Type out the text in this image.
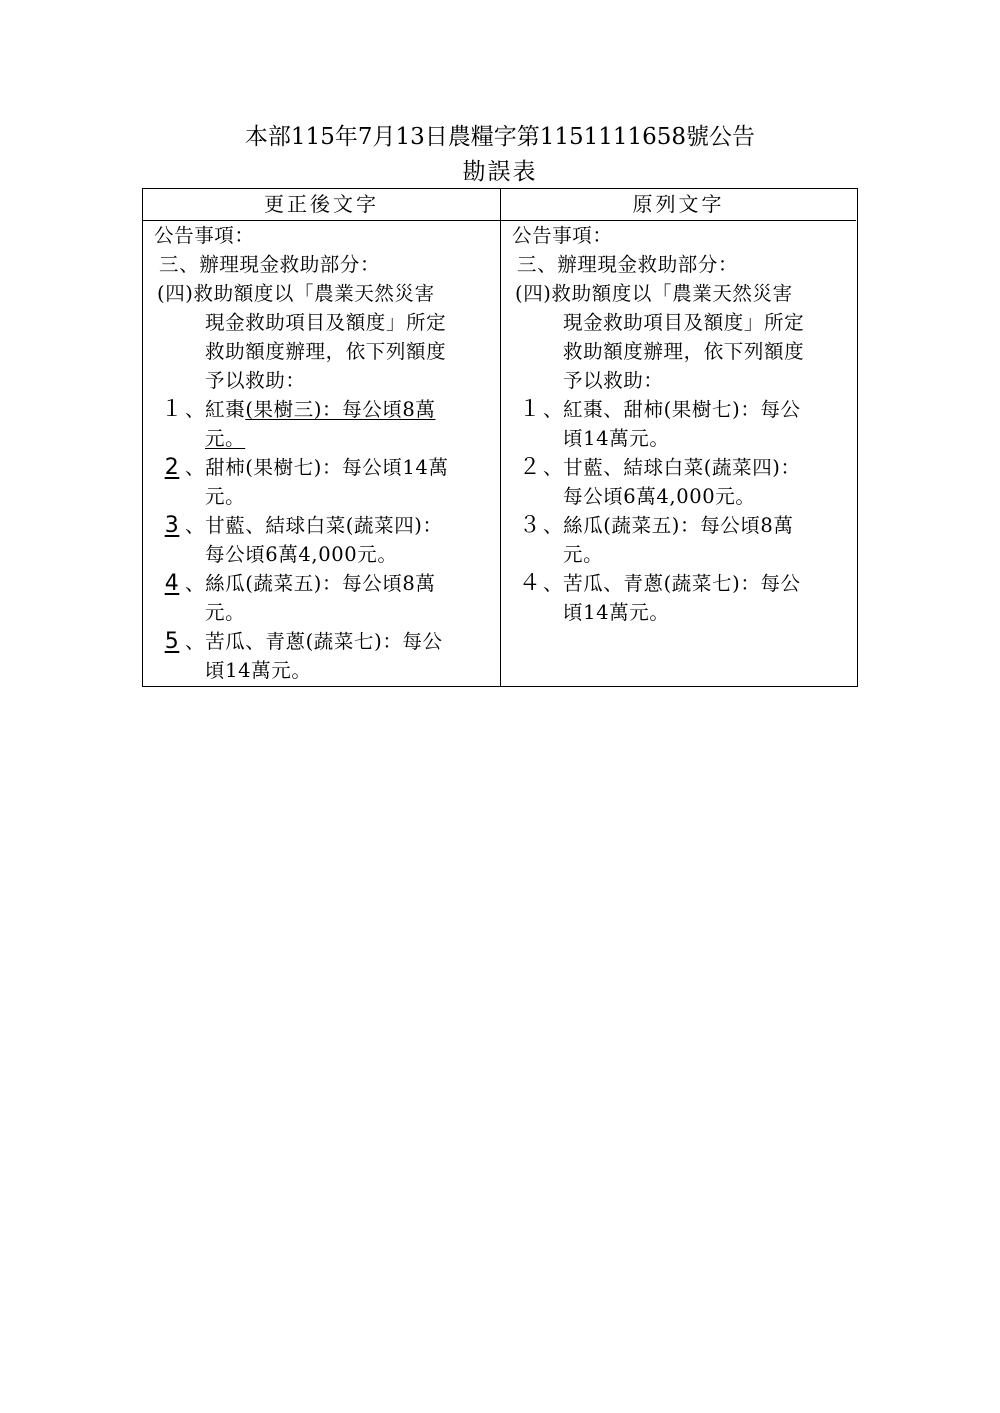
本部115年7月13日農糧字第1151111658號公告
勘誤表
更正後文字
公告事項：
三、辦理現金救助部分：
(四)救助額度以「農業天然災害
現金救助項目及額度」所定
救助額度辦理，依下列額度
予以救助：
１、紅棗(果樹三)：每公頃8萬
元。
2 、甜柿(果樹七)：每公頃14萬
元。
3 、甘藍、結球白菜(蔬菜四)：
每公頃6萬4,000元。
4 、絲瓜(蔬菜五)：每公頃8萬
元。
5 、苦瓜、青蔥(蔬菜七)：每公
頃14萬元。
原列文字
公告事項：
三、辦理現金救助部分：
(四)救助額度以「農業天然災害
現金救助項目及額度」所定
救助額度辦理，依下列額度
予以救助：
１、紅棗、甜柿(果樹七)：每公
頃14萬元。
２、甘藍、結球白菜(蔬菜四)：
每公頃6萬4,000元。
３、絲瓜(蔬菜五)：每公頃8萬
元。
４、苦瓜、青蔥(蔬菜七)：每公
頃14萬元。
